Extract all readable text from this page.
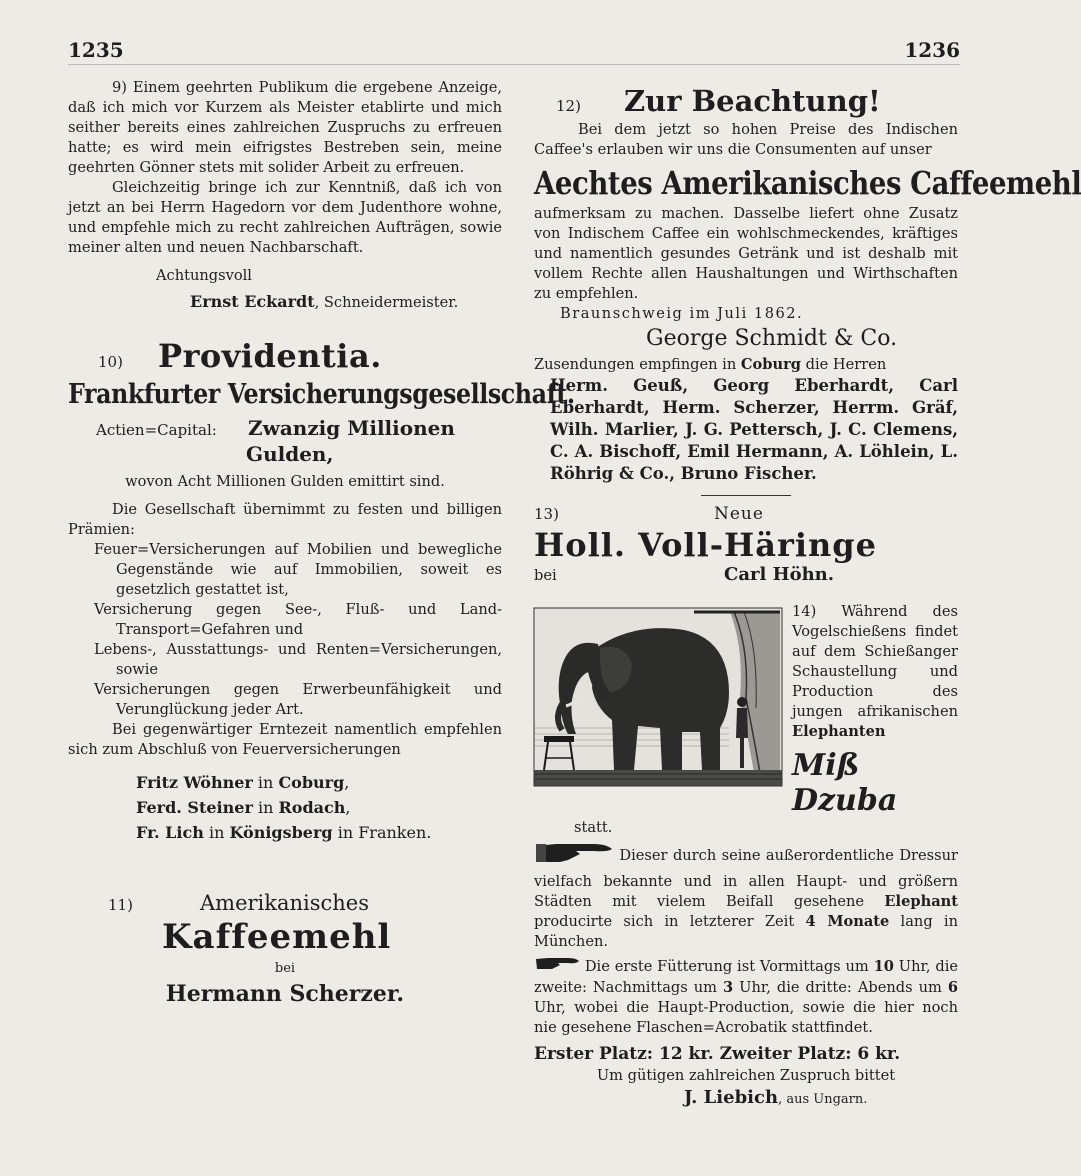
1235	1236

9) Einem geehrten Publikum die ergebene Anzeige, daß ich mich vor Kurzem als Meister etablirte und mich seither bereits eines zahlreichen Zuspruchs zu erfreuen hatte; es wird mein eifrigstes Bestreben sein, meine geehrten Gönner stets mit solider Arbeit zu erfreuen.

Gleichzeitig bringe ich zur Kenntniß, daß ich von jetzt an bei Herrn Hagedorn vor dem Judenthore wohne, und empfehle mich zu recht zahlreichen Aufträgen, sowie meiner alten und neuen Nachbarschaft.

Achtungsvoll

Ernst Eckardt, Schneidermeister.

10)	Providentia.
Frankfurter Versicherungsgesellschaft.
Actien=Capital:	Zwanzig Millionen
Gulden,

wovon Acht Millionen Gulden emittirt sind.

Die Gesellschaft übernimmt zu festen und billigen Prämien:

Feuer=Versicherungen auf Mobilien und bewegliche Gegenstände wie auf Immobilien, soweit es gesetzlich gestattet ist,

Versicherung gegen See-, Fluß- und Land-Transport=Gefahren und

Lebens-, Ausstattungs- und Renten=Versicherungen, sowie

Versicherungen gegen Erwerbeunfähigkeit und Verunglückung jeder Art.

Bei gegenwärtiger Erntezeit namentlich empfehlen sich zum Abschluß von Feuerversicherungen

Fritz Wöhner in Coburg,
Ferd. Steiner in Rodach,
Fr. Lich in Königsberg in Franken.
11)	Amerikanisches
Kaffeemehl
bei
Hermann Scherzer.
12)	Zur Beachtung!

Bei dem jetzt so hohen Preise des Indischen Caffee's erlauben wir uns die Consumenten auf unser

Aechtes Amerikanisches Caffeemehl

aufmerksam zu machen. Dasselbe liefert ohne Zusatz von Indischem Caffee ein wohlschmeckendes, kräftiges und namentlich gesundes Getränk und ist deshalb mit vollem Rechte allen Haushaltungen und Wirthschaften zu empfehlen.

Braunschweig im Juli 1862.

George Schmidt & Co.

Zusendungen empfingen in Coburg die Herren

Herm. Geuß, Georg Eberhardt, Carl Eberhardt, Herm. Scherzer, Herrm. Gräf, Wilh. Marlier, J. G. Pettersch, J. C. Clemens, C. A. Bischoff, Emil Hermann, A. Löhlein, L. Röhrig & Co., Bruno Fischer.

13)	Neue
Holl. Voll-Häringe
bei	Carl Höhn.

14) Während des Vogelschießens findet auf dem Schießanger Schaustellung und Production des jungen afrikanischen Elephanten

Miß Dzuba

statt.

Dieser durch seine außerordentliche Dressur vielfach bekannte und in allen Haupt- und größern Städten mit vielem Beifall gesehene Elephant producirte sich in letzterer Zeit 4 Monate lang in München.

Die erste Fütterung ist Vormittags um 10 Uhr, die zweite: Nachmittags um 3 Uhr, die dritte: Abends um 6 Uhr, wobei die Haupt-Production, sowie die hier noch nie gesehene Flaschen=Acrobatik stattfindet.

Erster Platz: 12 kr. Zweiter Platz: 6 kr.

Um gütigen zahlreichen Zuspruch bittet

J. Liebich, aus Ungarn.
